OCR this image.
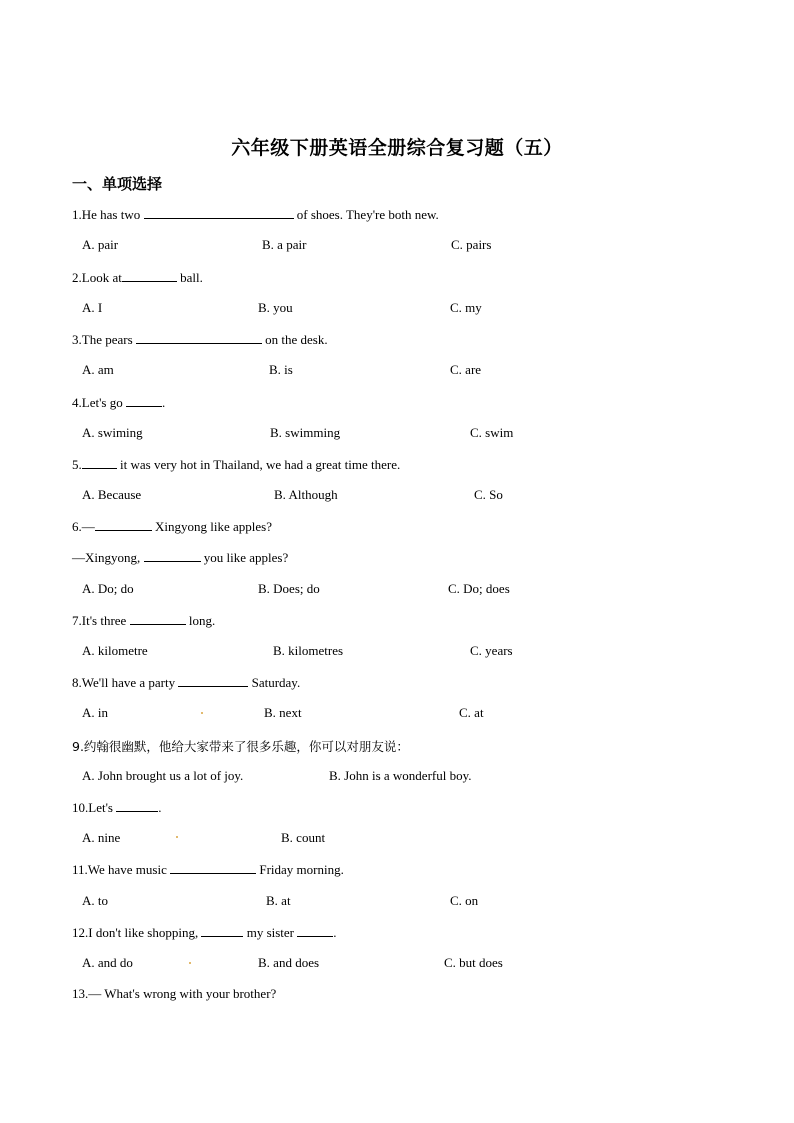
六年级下册英语全册综合复习题（五）
一、单项选择
1.He has two	of shoes. They're both new.
A. pair	B. a pair	C. pairs
2.Look at	ball.
A. I	B. you	C. my
3.The pears	on the desk.
A. am	B. is	C. are
4.Let's go	.
A. swiming	B. swimming	C. swim
5.	it was very hot in Thailand, we had a great time there.
A. Because	B. Although	C. So
6.—	Xingyong like apples?
—Xingyong,	you like apples?
A. Do; do	B. Does; do	C. Do; does
7.It's three	long.
A. kilometre	B. kilometres	C. years
8.We'll have a party	Saturday.
A. in	B. next	C. at
9.约翰很幽默，他给大家带来了很多乐趣，你可以对朋友说：
A. John brought us a lot of joy.	B. John is a wonderful boy.
10.Let's	.
A. nine	B. count
11.We have music	Friday morning.
A. to	B. at	C. on
12.I don't like shopping,	my sister	.
A. and do	B. and does	C. but does
13.— What's wrong with your brother?
